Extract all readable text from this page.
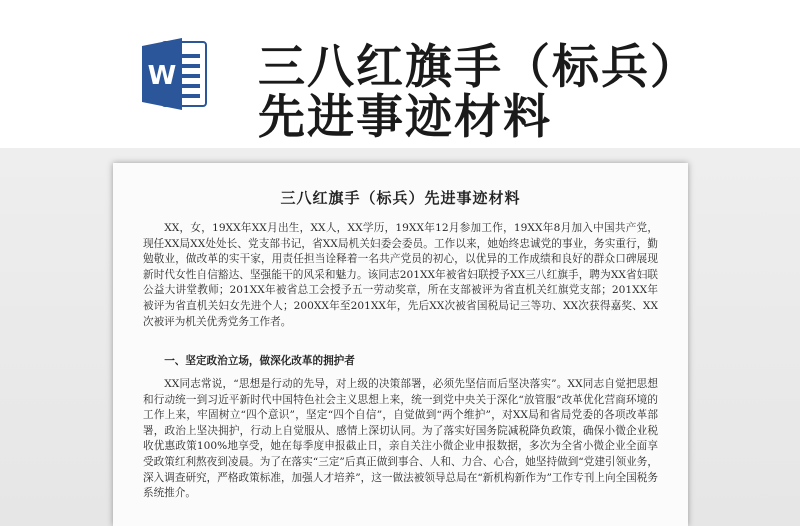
W 三八红旗手（标兵）
先进事迹材料
三八红旗手（标兵）先进事迹材料

XX，女，19XX年XX月出生，XX人，XX学历，19XX年12月参加工作，19XX年8月加入中国共产党，现任XX局XX处处长、党支部书记，省XX局机关妇委会委员。工作以来，她始终忠诚党的事业，务实重行，勤勉敬业，做改革的实干家，用责任担当诠释着一名共产党员的初心，以优异的工作成绩和良好的群众口碑展现新时代女性自信豁达、坚强能干的风采和魅力。该同志201XX年被省妇联授予XX三八红旗手，聘为XX省妇联公益大讲堂教师；201XX年被省总工会授予五一劳动奖章，所在支部被评为省直机关红旗党支部；201XX年被评为省直机关妇女先进个人；200XX年至201XX年，先后XX次被省国税局记三等功、XX次获得嘉奖、XX次被评为机关优秀党务工作者。

一、坚定政治立场，做深化改革的拥护者

XX同志常说，“思想是行动的先导，对上级的决策部署，必须先坚信而后坚决落实”。XX同志自觉把思想和行动统一到习近平新时代中国特色社会主义思想上来，统一到党中央关于深化“放管服”改革优化营商环境的工作上来，牢固树立“四个意识”，坚定“四个自信”，自觉做到“两个维护”，对XX局和省局党委的各项改革部署，政治上坚决拥护，行动上自觉服从、感情上深切认同。为了落实好国务院减税降负政策，确保小微企业税收优惠政策100%地享受，她在每季度申报截止日，亲自关注小微企业申报数据，多次为全省小微企业全面享受政策红利熬夜到凌晨。为了在落实“三定”后真正做到事合、人和、力合、心合，她坚持做到“党建引领业务，深入调查研究，严格政策标准，加强人才培养”，这一做法被领导总局在“新机构新作为”工作专刊上向全国税务系统推介。
